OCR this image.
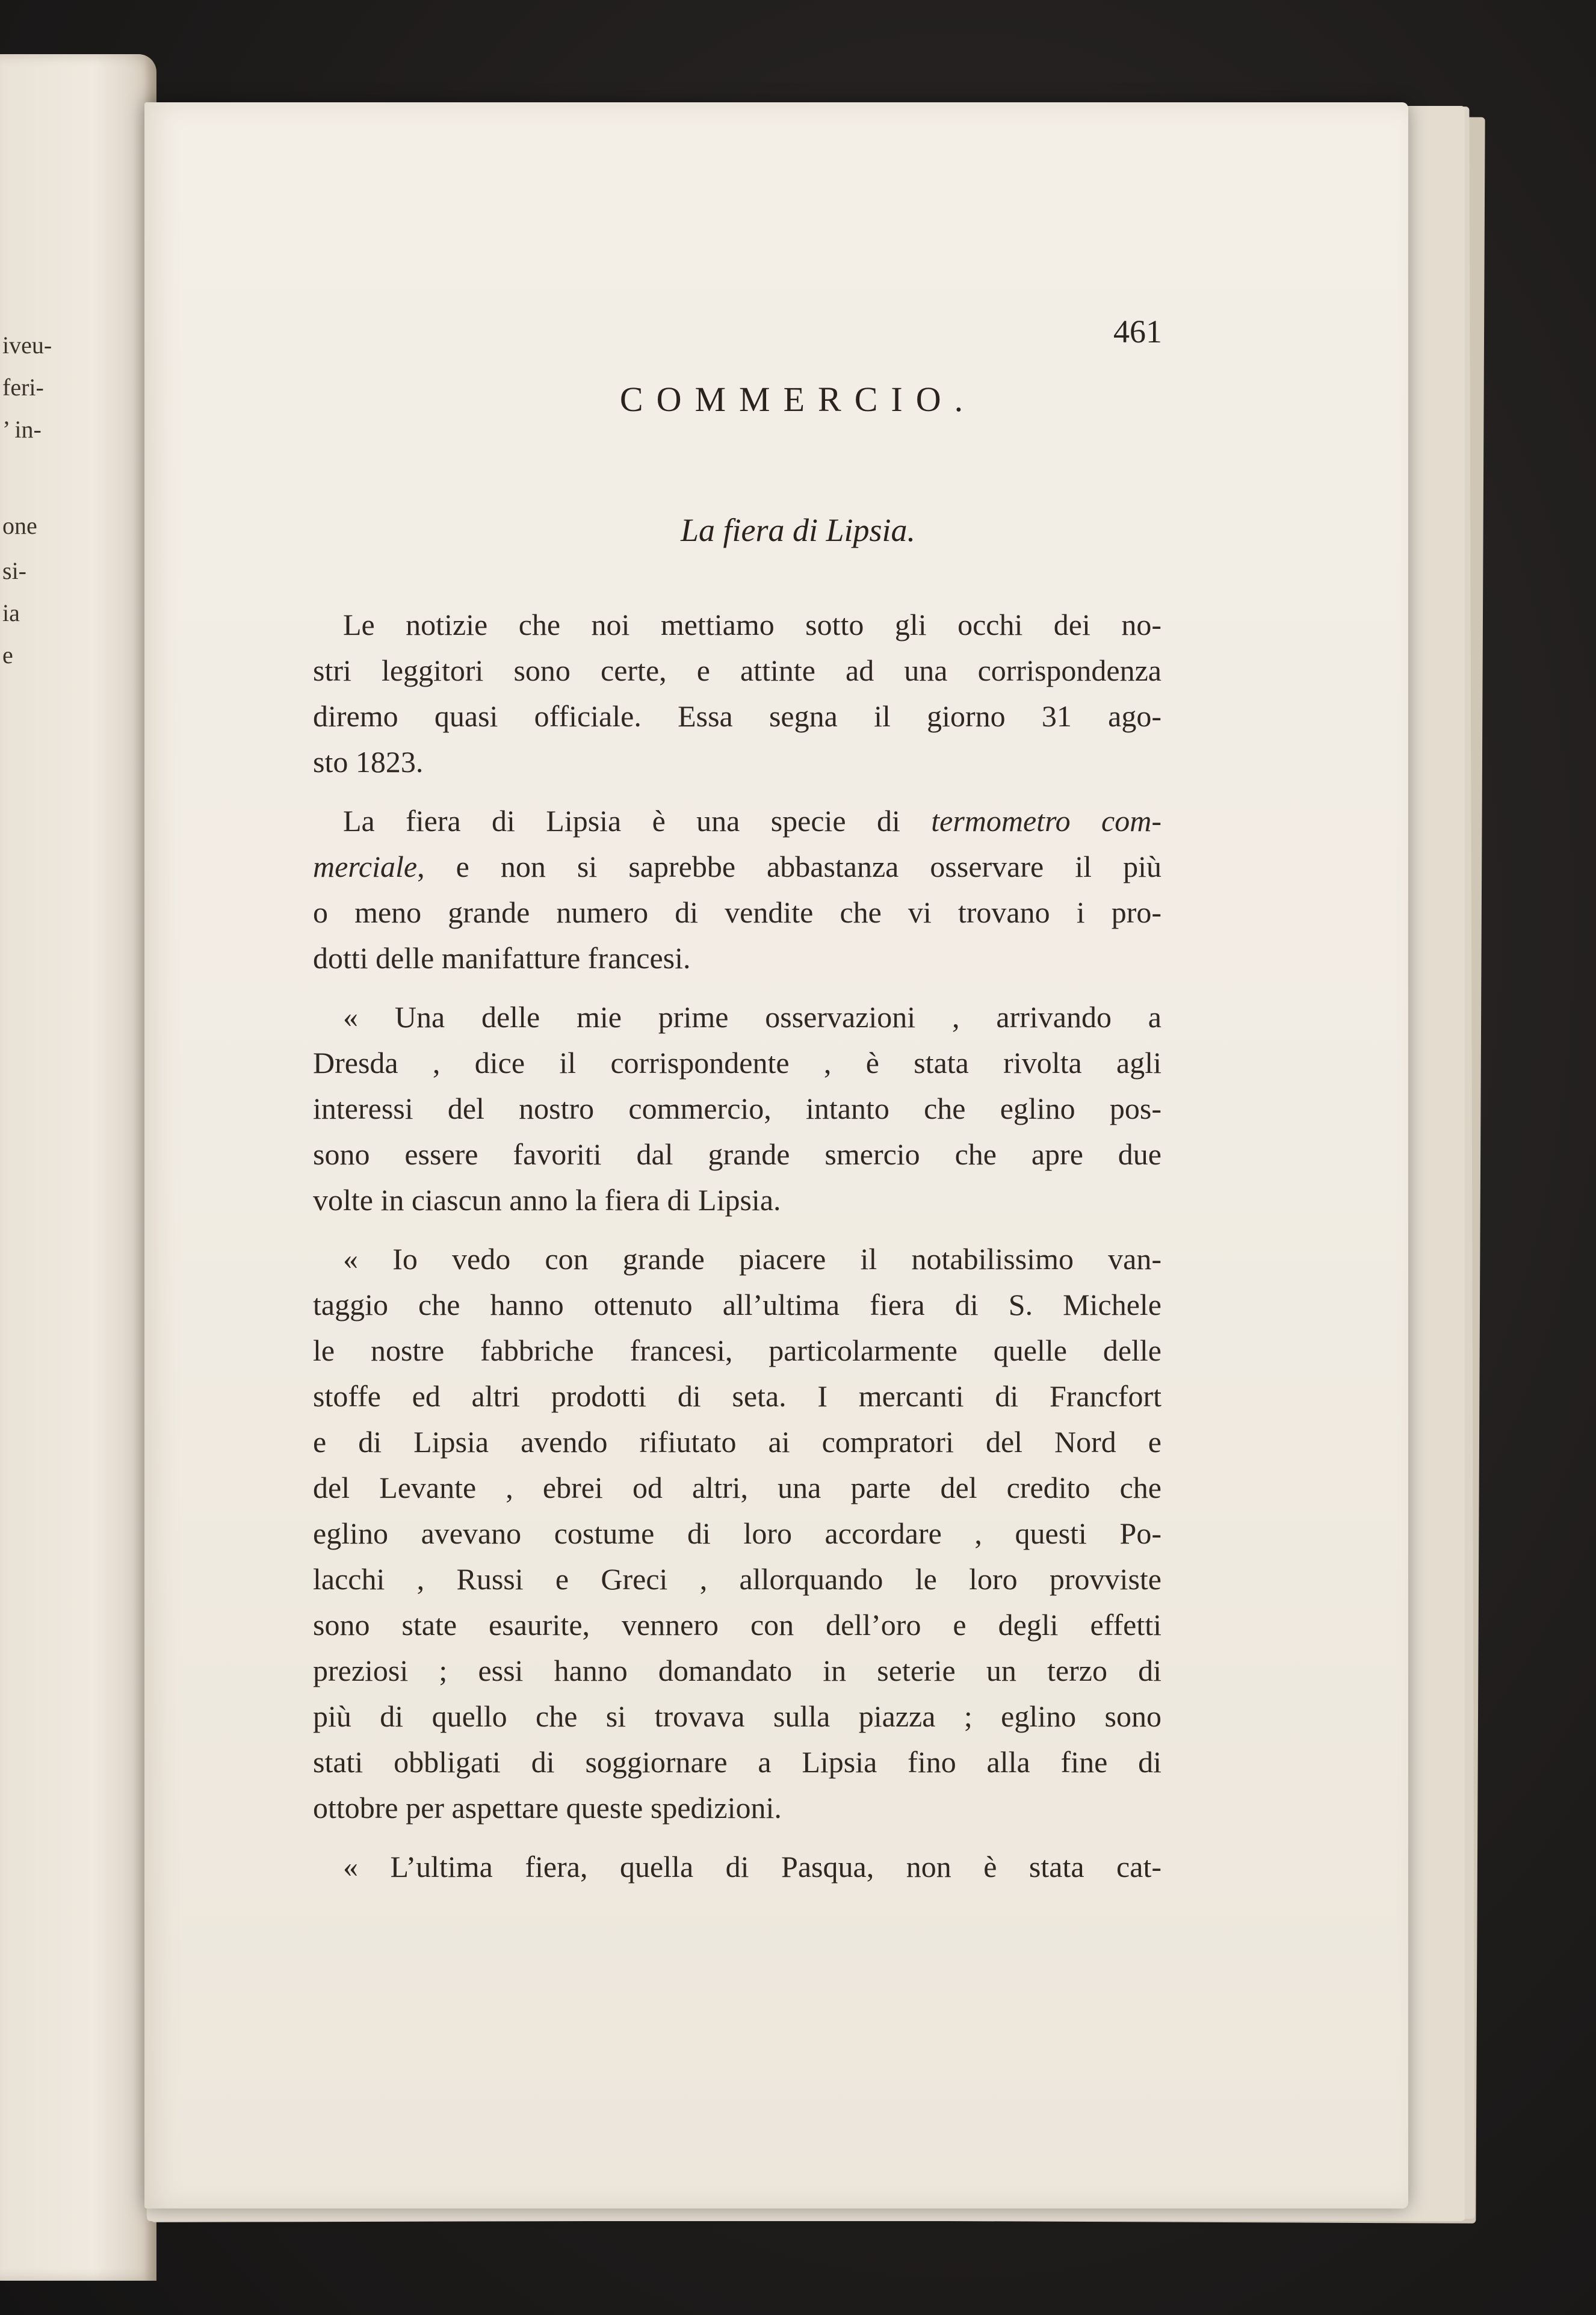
iveu-
feri-
’ in-
one
si-
ia
e
461
COMMERCIO.
La fiera di Lipsia.
Le notizie che noi mettiamo sotto gli occhi dei no-
stri leggitori sono certe, e attinte ad una corrispondenza
diremo quasi officiale. Essa segna il giorno 31 ago-
sto 1823.
La fiera di Lipsia è una specie di termometro com-
merciale, e non si saprebbe abbastanza osservare il più
o meno grande numero di vendite che vi trovano i pro-
dotti delle manifatture francesi.
« Una delle mie prime osservazioni , arrivando a
Dresda , dice il corrispondente , è stata rivolta agli
interessi del nostro commercio, intanto che eglino pos-
sono essere favoriti dal grande smercio che apre due
volte in ciascun anno la fiera di Lipsia.
« Io vedo con grande piacere il notabilissimo van-
taggio che hanno ottenuto all’ultima fiera di S. Michele
le nostre fabbriche francesi, particolarmente quelle delle
stoffe ed altri prodotti di seta. I mercanti di Francfort
e di Lipsia avendo rifiutato ai compratori del Nord e
del Levante , ebrei od altri, una parte del credito che
eglino avevano costume di loro accordare , questi Po-
lacchi , Russi e Greci , allorquando le loro provviste
sono state esaurite, vennero con dell’oro e degli effetti
preziosi ; essi hanno domandato in seterie un terzo di
più di quello che si trovava sulla piazza ; eglino sono
stati obbligati di soggiornare a Lipsia fino alla fine di
ottobre per aspettare queste spedizioni.
« L’ultima fiera, quella di Pasqua, non è stata cat-
